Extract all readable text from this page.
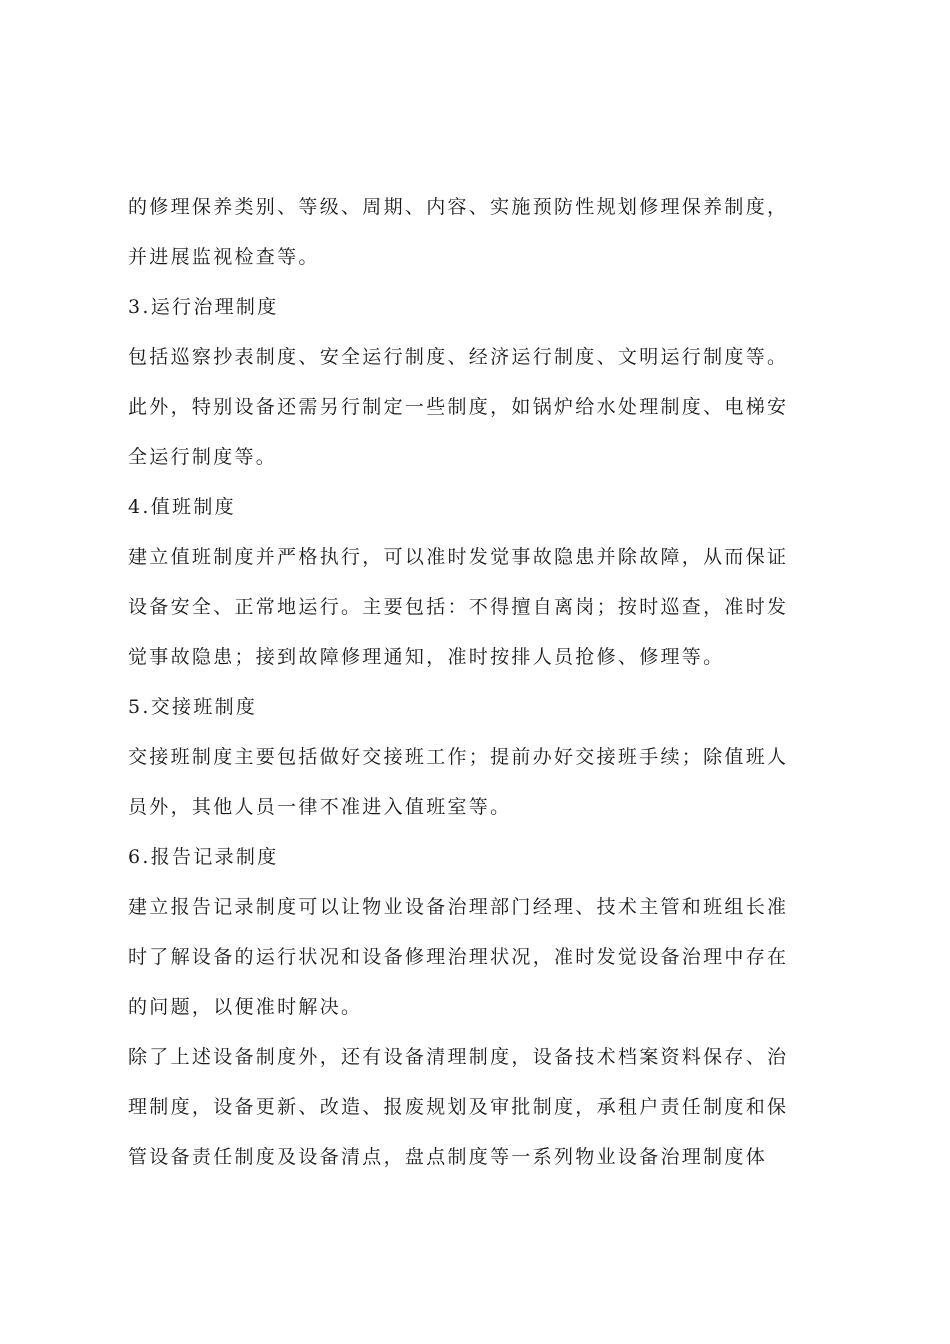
的修理保养类别、等级、周期、内容、实施预防性规划修理保养制度，
并进展监视检查等。
3.运行治理制度
包括巡察抄表制度、安全运行制度、经济运行制度、文明运行制度等。
此外，特别设备还需另行制定一些制度，如锅炉给水处理制度、电梯安
全运行制度等。
4.值班制度
建立值班制度并严格执行，可以准时发觉事故隐患并除故障，从而保证
设备安全、正常地运行。主要包括：不得擅自离岗；按时巡查，准时发
觉事故隐患；接到故障修理通知，准时按排人员抢修、修理等。
5.交接班制度
交接班制度主要包括做好交接班工作；提前办好交接班手续；除值班人
员外，其他人员一律不准进入值班室等。
6.报告记录制度
建立报告记录制度可以让物业设备治理部门经理、技术主管和班组长准
时了解设备的运行状况和设备修理治理状况，准时发觉设备治理中存在
的问题，以便准时解决。
除了上述设备制度外，还有设备清理制度，设备技术档案资料保存、治
理制度，设备更新、改造、报废规划及审批制度，承租户责任制度和保
管设备责任制度及设备清点，盘点制度等一系列物业设备治理制度体
